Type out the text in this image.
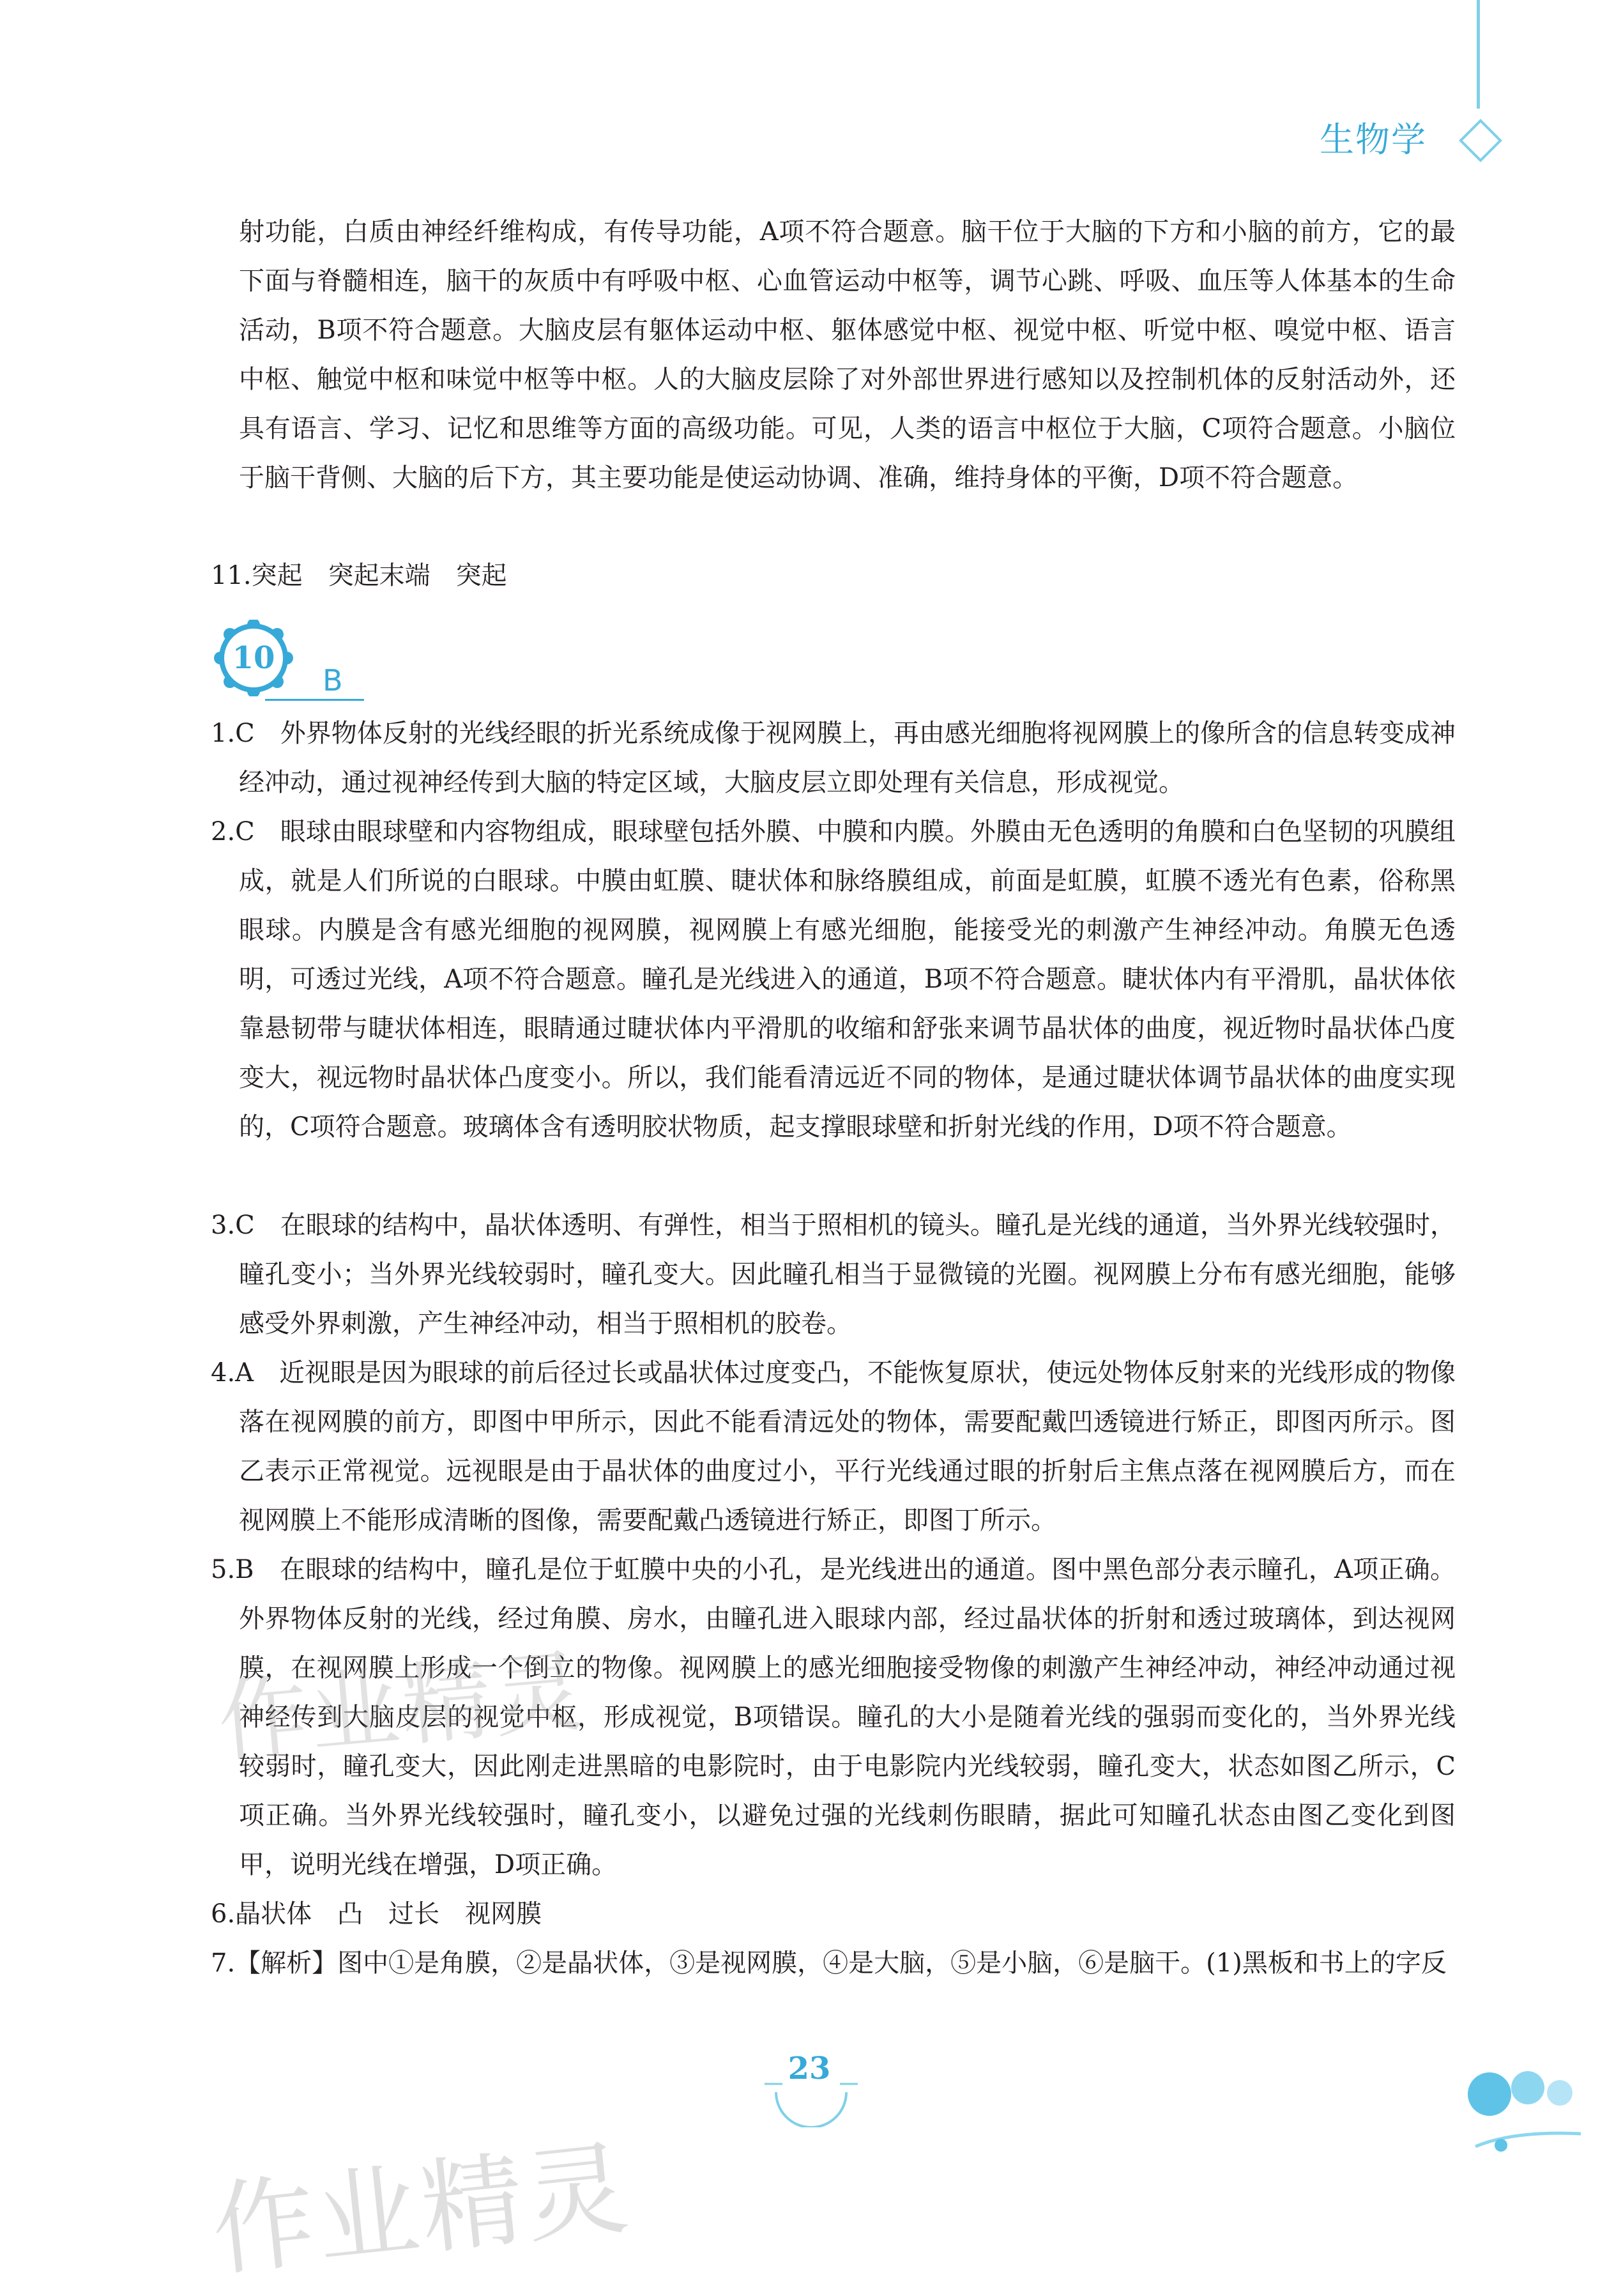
生物学

射功能，白质由神经纤维构成，有传导功能，A项不符合题意。脑干位于大脑的下方和小脑的前方，它的最下面与脊髓相连，脑干的灰质中有呼吸中枢、心血管运动中枢等，调节心跳、呼吸、血压等人体基本的生命活动，B项不符合题意。大脑皮层有躯体运动中枢、躯体感觉中枢、视觉中枢、听觉中枢、嗅觉中枢、语言中枢、触觉中枢和味觉中枢等中枢。人的大脑皮层除了对外部世界进行感知以及控制机体的反射活动外，还具有语言、学习、记忆和思维等方面的高级功能。可见，人类的语言中枢位于大脑，C项符合题意。小脑位于脑干背侧、大脑的后下方，其主要功能是使运动协调、准确，维持身体的平衡，D项不符合题意。

11.突起　突起末端　突起

10
B

1.C　外界物体反射的光线经眼的折光系统成像于视网膜上，再由感光细胞将视网膜上的像所含的信息转变成神经冲动，通过视神经传到大脑的特定区域，大脑皮层立即处理有关信息，形成视觉。

2.C　眼球由眼球壁和内容物组成，眼球壁包括外膜、中膜和内膜。外膜由无色透明的角膜和白色坚韧的巩膜组成，就是人们所说的白眼球。中膜由虹膜、睫状体和脉络膜组成，前面是虹膜，虹膜不透光有色素，俗称黑眼球。内膜是含有感光细胞的视网膜，视网膜上有感光细胞，能接受光的刺激产生神经冲动。角膜无色透明，可透过光线，A项不符合题意。瞳孔是光线进入的通道，B项不符合题意。睫状体内有平滑肌，晶状体依靠悬韧带与睫状体相连，眼睛通过睫状体内平滑肌的收缩和舒张来调节晶状体的曲度，视近物时晶状体凸度变大，视远物时晶状体凸度变小。所以，我们能看清远近不同的物体，是通过睫状体调节晶状体的曲度实现的，C项符合题意。玻璃体含有透明胶状物质，起支撑眼球壁和折射光线的作用，D项不符合题意。

3.C　在眼球的结构中，晶状体透明、有弹性，相当于照相机的镜头。瞳孔是光线的通道，当外界光线较强时，瞳孔变小；当外界光线较弱时，瞳孔变大。因此瞳孔相当于显微镜的光圈。视网膜上分布有感光细胞，能够感受外界刺激，产生神经冲动，相当于照相机的胶卷。

4.A　近视眼是因为眼球的前后径过长或晶状体过度变凸，不能恢复原状，使远处物体反射来的光线形成的物像落在视网膜的前方，即图中甲所示，因此不能看清远处的物体，需要配戴凹透镜进行矫正，即图丙所示。图乙表示正常视觉。远视眼是由于晶状体的曲度过小，平行光线通过眼的折射后主焦点落在视网膜后方，而在视网膜上不能形成清晰的图像，需要配戴凸透镜进行矫正，即图丁所示。

5.B　在眼球的结构中，瞳孔是位于虹膜中央的小孔，是光线进出的通道。图中黑色部分表示瞳孔，A项正确。外界物体反射的光线，经过角膜、房水，由瞳孔进入眼球内部，经过晶状体的折射和透过玻璃体，到达视网膜，在视网膜上形成一个倒立的物像。视网膜上的感光细胞接受物像的刺激产生神经冲动，神经冲动通过视神经传到大脑皮层的视觉中枢，形成视觉，B项错误。瞳孔的大小是随着光线的强弱而变化的，当外界光线较弱时，瞳孔变大，因此刚走进黑暗的电影院时，由于电影院内光线较弱，瞳孔变大，状态如图乙所示，C项正确。当外界光线较强时，瞳孔变小，以避免过强的光线刺伤眼睛，据此可知瞳孔状态由图乙变化到图甲，说明光线在增强，D项正确。

6.晶状体　凸　过长　视网膜

7.【解析】图中①是角膜，②是晶状体，③是视网膜，④是大脑，⑤是小脑，⑥是脑干。(1)黑板和书上的字反

作业精灵
作业精灵
23
